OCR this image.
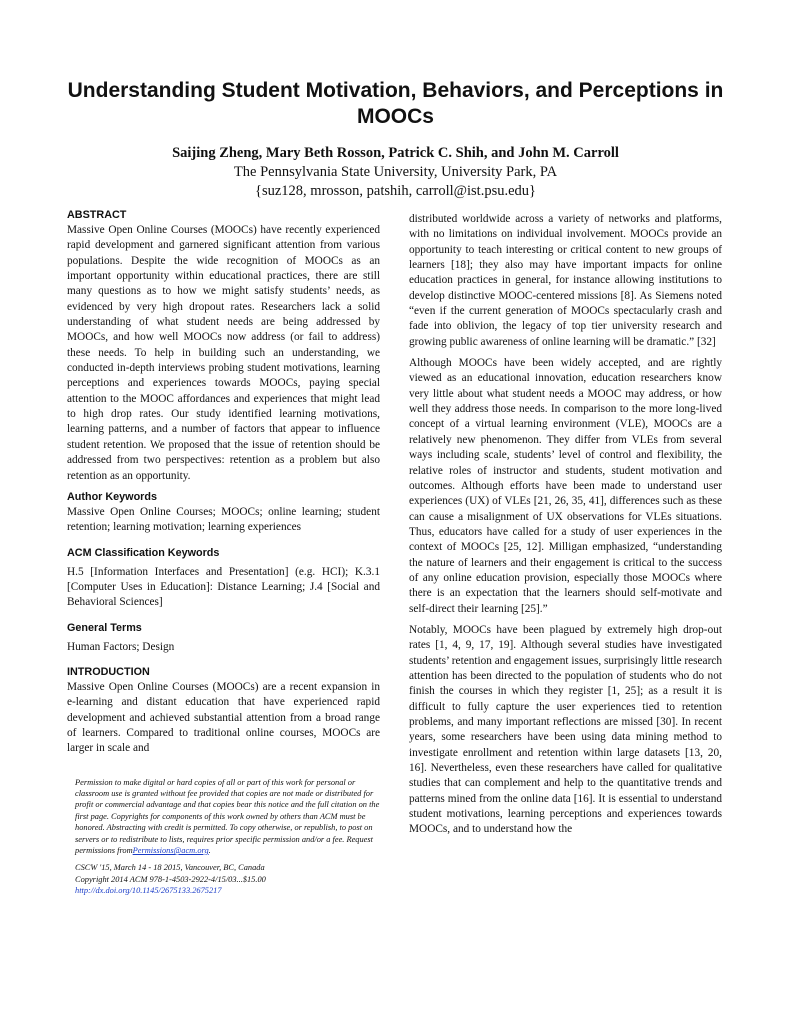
Understanding Student Motivation, Behaviors, and Perceptions in MOOCs
Saijing Zheng, Mary Beth Rosson, Patrick C. Shih, and John M. Carroll
The Pennsylvania State University, University Park, PA
{suz128, mrosson, patshih, carroll@ist.psu.edu}
ABSTRACT

Massive Open Online Courses (MOOCs) have recently experienced rapid development and garnered significant attention from various populations. Despite the wide recognition of MOOCs as an important opportunity within educational practices, there are still many questions as to how we might satisfy students’ needs, as evidenced by very high dropout rates. Researchers lack a solid understanding of what student needs are being addressed by MOOCs, and how well MOOCs now address (or fail to address) these needs. To help in building such an understanding, we conducted in-depth interviews probing student motivations, learning perceptions and experiences towards MOOCs, paying special attention to the MOOC affordances and experiences that might lead to high drop rates. Our study identified learning motivations, learning patterns, and a number of factors that appear to influence student retention. We proposed that the issue of retention should be addressed from two perspectives: retention as a problem but also retention as an opportunity.

Author Keywords

Massive Open Online Courses; MOOCs; online learning; student retention; learning motivation; learning experiences

ACM Classification Keywords

H.5 [Information Interfaces and Presentation] (e.g. HCI); K.3.1 [Computer Uses in Education]: Distance Learning; J.4 [Social and Behavioral Sciences]

General Terms

Human Factors; Design

INTRODUCTION

Massive Open Online Courses (MOOCs) are a recent expansion in e-learning and distant education that have experienced rapid development and achieved substantial attention from a broad range of learners. Compared to traditional online courses, MOOCs are larger in scale and

Permission to make digital or hard copies of all or part of this work for personal or classroom use is granted without fee provided that copies are not made or distributed for profit or commercial advantage and that copies bear this notice and the full citation on the first page. Copyrights for components of this work owned by others than ACM must be honored. Abstracting with credit is permitted. To copy otherwise, or republish, to post on servers or to redistribute to lists, requires prior specific permission and/or a fee. Request permissions fromPermissions@acm.org.

CSCW '15, March 14 - 18 2015, Vancouver, BC, Canada
Copyright 2014 ACM 978-1-4503-2922-4/15/03...$15.00
http://dx.doi.org/10.1145/2675133.2675217

distributed worldwide across a variety of networks and platforms, with no limitations on individual involvement. MOOCs provide an opportunity to teach interesting or critical content to new groups of learners [18]; they also may have important impacts for online education practices in general, for instance allowing institutions to develop distinctive MOOC-centered missions [8]. As Siemens noted “even if the current generation of MOOCs spectacularly crash and fade into oblivion, the legacy of top tier university research and growing public awareness of online learning will be dramatic.” [32]

Although MOOCs have been widely accepted, and are rightly viewed as an educational innovation, education researchers know very little about what student needs a MOOC may address, or how well they address those needs. In comparison to the more long-lived concept of a virtual learning environment (VLE), MOOCs are a relatively new phenomenon. They differ from VLEs from several ways including scale, students’ level of control and flexibility, the relative roles of instructor and students, student motivation and outcomes. Although efforts have been made to understand user experiences (UX) of VLEs [21, 26, 35, 41], differences such as these can cause a misalignment of UX observations for VLEs situations. Thus, educators have called for a study of user experiences in the context of MOOCs [25, 12]. Milligan emphasized, “understanding the nature of learners and their engagement is critical to the success of any online education provision, especially those MOOCs where there is an expectation that the learners should self-motivate and self-direct their learning [25].”

Notably, MOOCs have been plagued by extremely high drop-out rates [1, 4, 9, 17, 19]. Although several studies have investigated students’ retention and engagement issues, surprisingly little research attention has been directed to the population of students who do not finish the courses in which they register [1, 25]; as a result it is difficult to fully capture the user experiences tied to retention problems, and many important reflections are missed [30]. In recent years, some researchers have been using data mining method to investigate enrollment and retention within large datasets [13, 20, 16]. Nevertheless, even these researchers have called for qualitative studies that can complement and help to the quantitative trends and patterns mined from the online data [16]. It is essential to understand student motivations, learning perceptions and experiences towards MOOCs, and to understand how the
